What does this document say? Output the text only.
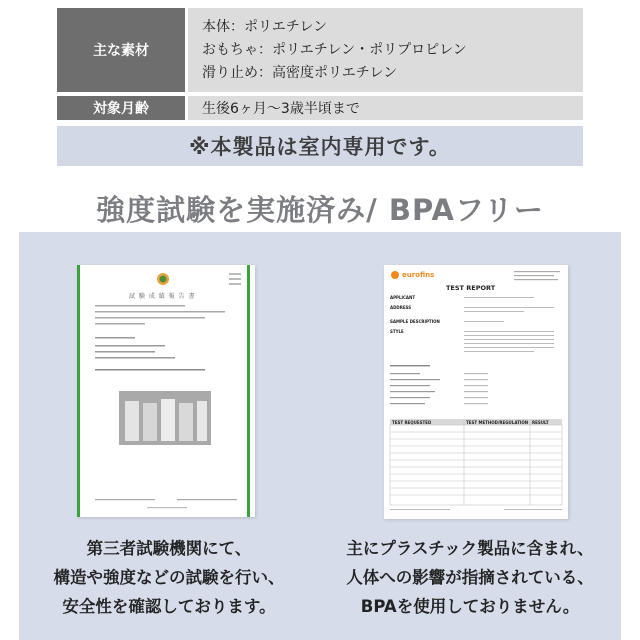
主な素材
本体：ポリエチレン
おもちゃ：ポリエチレン・ポリプロピレン
滑り止め：高密度ポリエチレン
対象月齢	生後6ヶ月〜3歳半頃まで
※本製品は室内専用です。
強度試験を実施済み/ BPAフリー
試 験 成 績 報 告 書
eurofins
TEST REPORT
APPLICANT
ADDRESS
SAMPLE DESCRIPTION
STYLE
TEST REQUESTED	TEST METHOD/REGULATION RESULT
第三者試験機関にて、
構造や強度などの試験を行い、
安全性を確認しております。
主にプラスチック製品に含まれ、
人体への影響が指摘されている、
BPAを使用しておりません。
